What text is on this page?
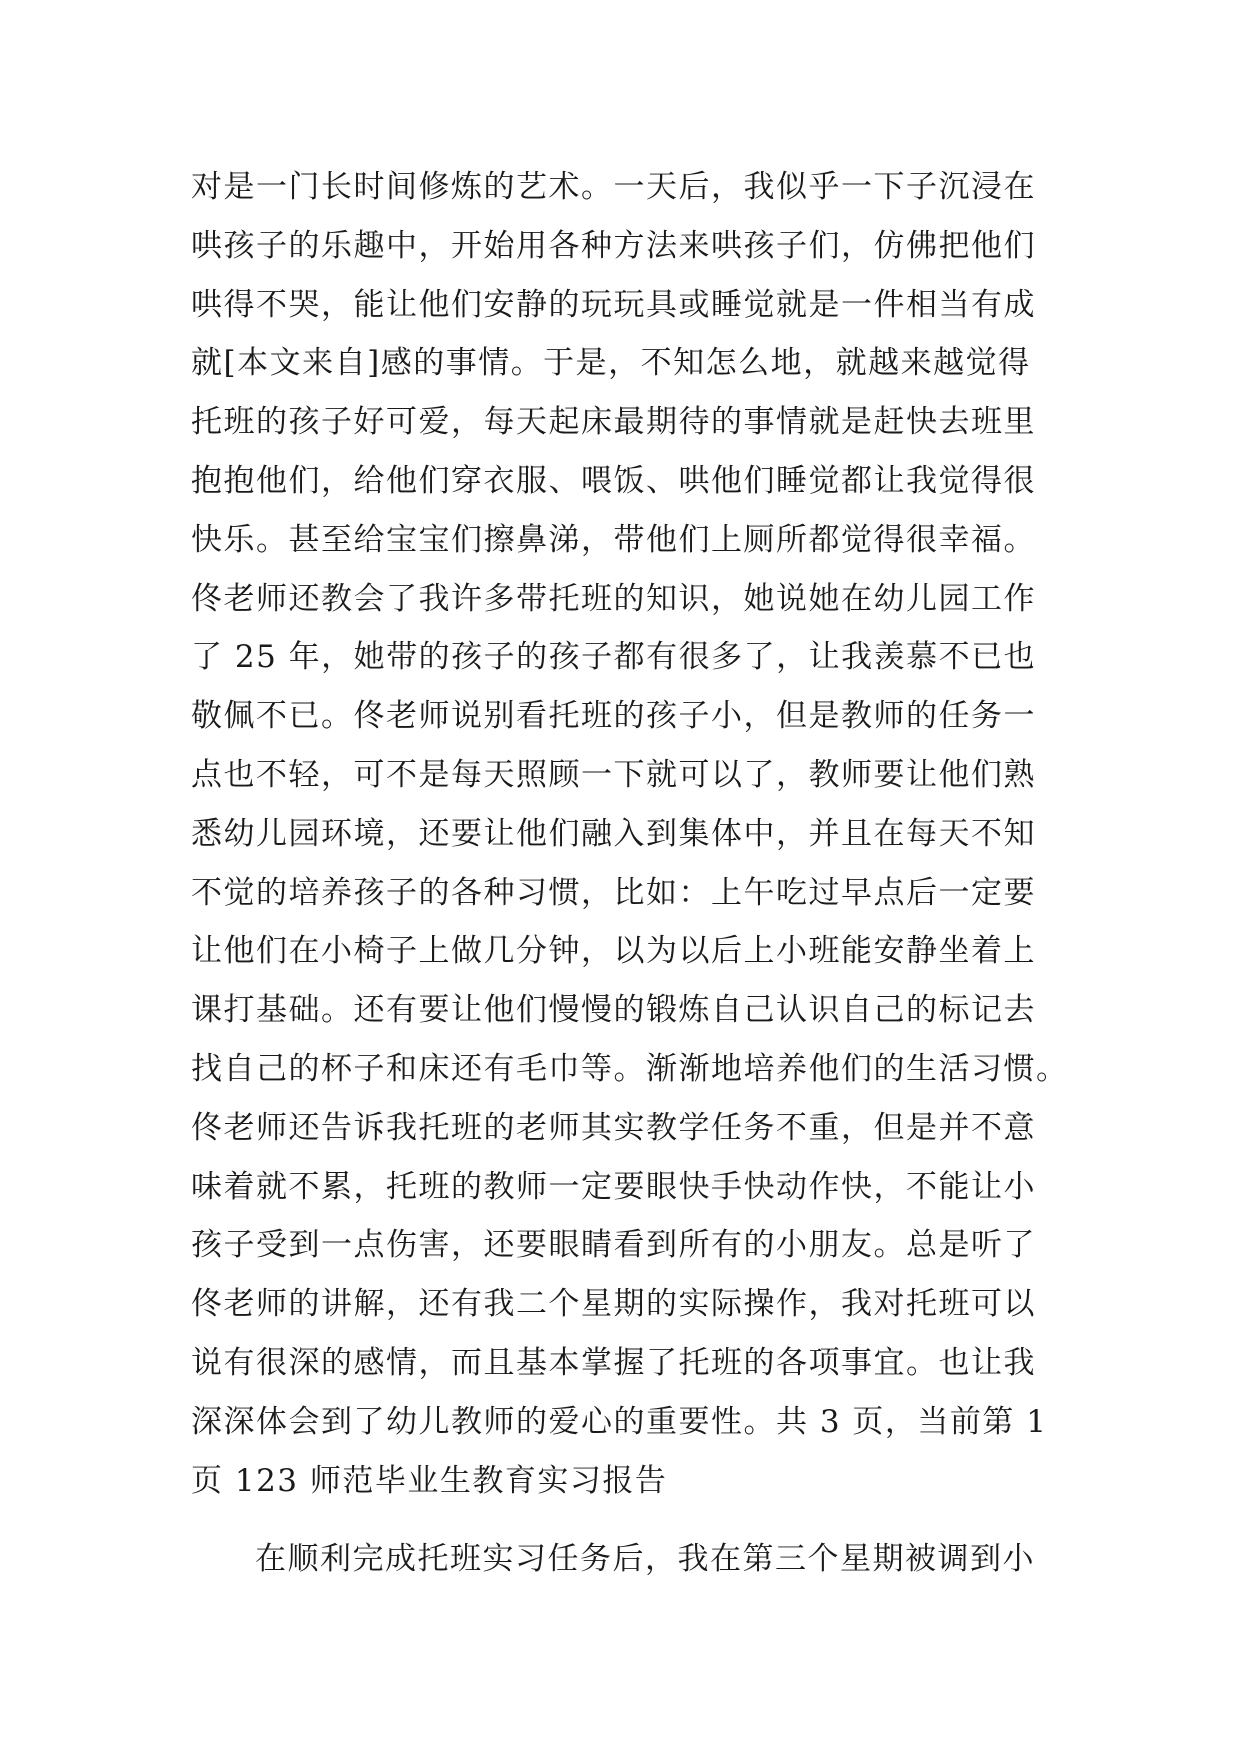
对是一门长时间修炼的艺术。一天后，我似乎一下子沉浸在
哄孩子的乐趣中，开始用各种方法来哄孩子们，仿佛把他们
哄得不哭，能让他们安静的玩玩具或睡觉就是一件相当有成
就[本文来自]感的事情。于是，不知怎么地，就越来越觉得
托班的孩子好可爱，每天起床最期待的事情就是赶快去班里
抱抱他们，给他们穿衣服、喂饭、哄他们睡觉都让我觉得很
快乐。甚至给宝宝们擦鼻涕，带他们上厕所都觉得很幸福。
佟老师还教会了我许多带托班的知识，她说她在幼儿园工作
了 25 年，她带的孩子的孩子都有很多了，让我羡慕不已也
敬佩不已。佟老师说别看托班的孩子小，但是教师的任务一
点也不轻，可不是每天照顾一下就可以了，教师要让他们熟
悉幼儿园环境，还要让他们融入到集体中，并且在每天不知
不觉的培养孩子的各种习惯，比如：上午吃过早点后一定要
让他们在小椅子上做几分钟，以为以后上小班能安静坐着上
课打基础。还有要让他们慢慢的锻炼自己认识自己的标记去
找自己的杯子和床还有毛巾等。渐渐地培养他们的生活习惯。
佟老师还告诉我托班的老师其实教学任务不重，但是并不意
味着就不累，托班的教师一定要眼快手快动作快，不能让小
孩子受到一点伤害，还要眼睛看到所有的小朋友。总是听了
佟老师的讲解，还有我二个星期的实际操作，我对托班可以
说有很深的感情，而且基本掌握了托班的各项事宜。也让我
深深体会到了幼儿教师的爱心的重要性。共 3 页，当前第 1
页 123 师范毕业生教育实习报告
在顺利完成托班实习任务后，我在第三个星期被调到小
